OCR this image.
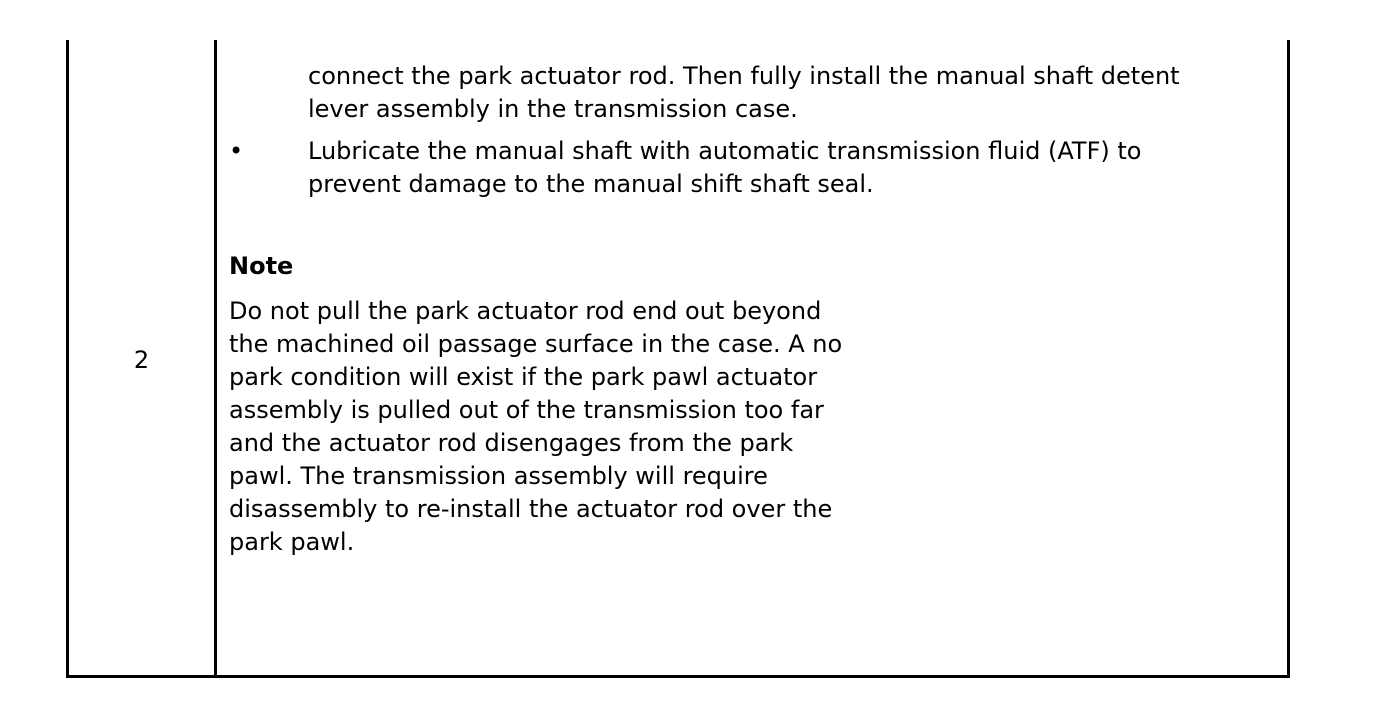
2
connect the park actuator rod. Then fully install the manual shaft detent lever assembly in the transmission case.
•	Lubricate the manual shaft with automatic transmission fluid (ATF) to prevent damage to the manual shift shaft seal.
Note
Do not pull the park actuator rod end out beyond the machined oil passage surface in the case. A no park condition will exist if the park pawl actuator assembly is pulled out of the transmission too far and the actuator rod disengages from the park pawl. The transmission assembly will require disassembly to re-install the actuator rod over the park pawl.
